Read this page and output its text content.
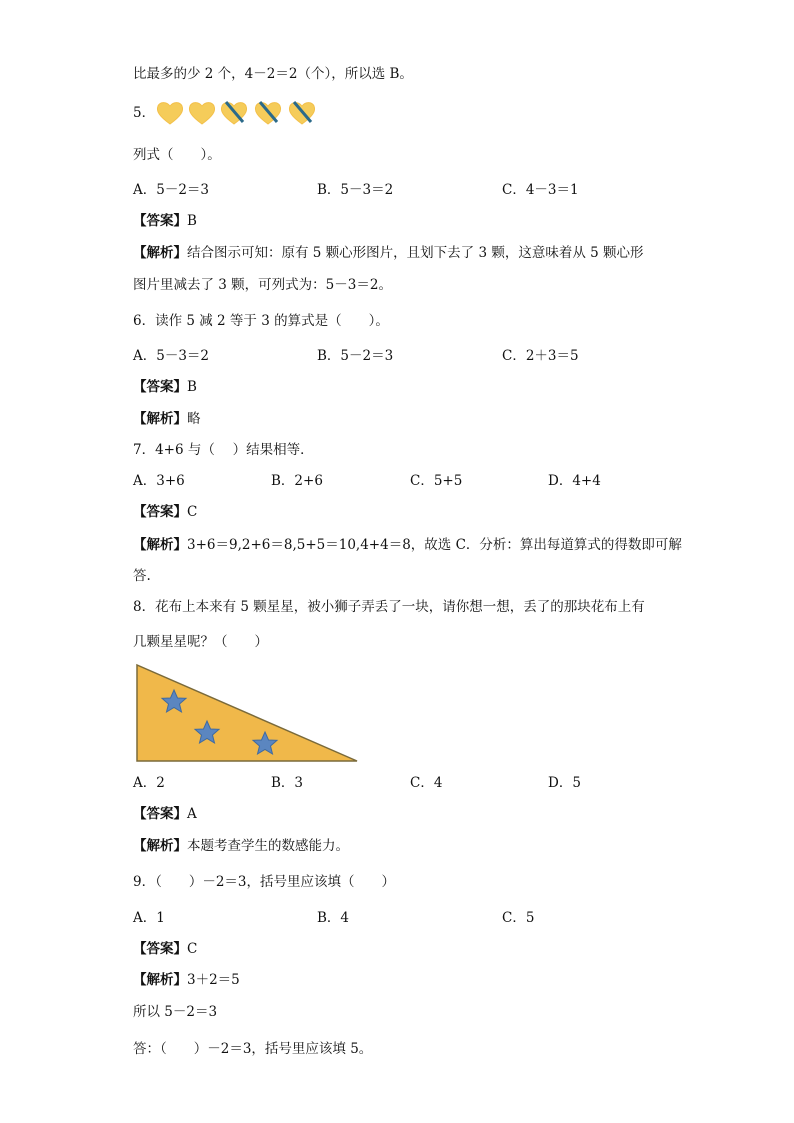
比最多的少 2 个，4－2＝2（个），所以选 B。
5．
列式（　　）。
A．5－2＝3	B．5－3＝2	C．4－3＝1
【答案】B
【解析】结合图示可知：原有 5 颗心形图片，且划下去了 3 颗，这意味着从 5 颗心形
图片里减去了 3 颗，可列式为：5－3＝2。
6．读作 5 减 2 等于 3 的算式是（　　）。
A．5－3＝2	B．5－2＝3	C．2＋3＝5
【答案】B
【解析】略
7．4+6 与（　 ）结果相等．
A．3+6	B．2+6	C．5+5	D．4+4
【答案】C
【解析】3+6＝9,2+6＝8,5+5＝10,4+4＝8，故选 C．分析：算出每道算式的得数即可解
答.
8．花布上本来有 5 颗星星，被小狮子弄丢了一块，请你想一想，丢了的那块花布上有
几颗星星呢？（　　）
A．2	B．3	C．4	D．5
【答案】A
【解析】本题考查学生的数感能力。
9．（　　）－2＝3，括号里应该填（　　）
A．1	B．4	C．5
【答案】C
【解析】3＋2＝5
所以 5－2＝3
答：（　　）－2＝3，括号里应该填 5。
